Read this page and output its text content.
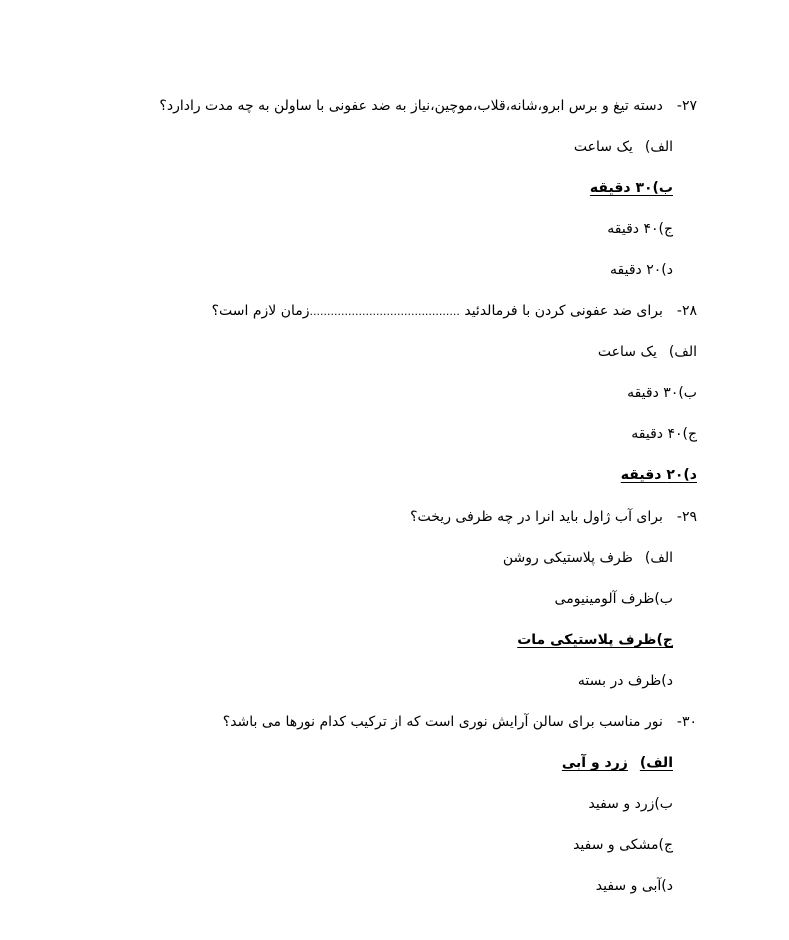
۲۷-دسته تیغ و برس ابرو،شانه،قلاب،موچین،نیاز به ضد عفونی با ساولن به چه مدت رادارد؟
الف)یک ساعت
ب)۳۰ دقیقه
ج)۴۰ دقیقه
د)۲۰ دقیقه
۲۸-برای ضد عفونی کردن با فرمالدئید ...........................................زمان لازم است؟
الف)یک ساعت
ب)۳۰ دقیقه
ج)۴۰ دقیقه
د)۲۰ دقیقه
۲۹-برای آب ژاول باید انرا در چه ظرفی ریخت؟
الف)ظرف پلاستیکی روشن
ب)ظرف آلومینیومی
ج)ظرف پلاستیکی مات
د)ظرف در بسته
۳۰-نور مناسب برای سالن آرایش نوری است که از ترکیب کدام نورها می باشد؟
الف)زرد و آبی
ب)زرد و سفید
ج)مشکی و سفید
د)آبی و سفید
